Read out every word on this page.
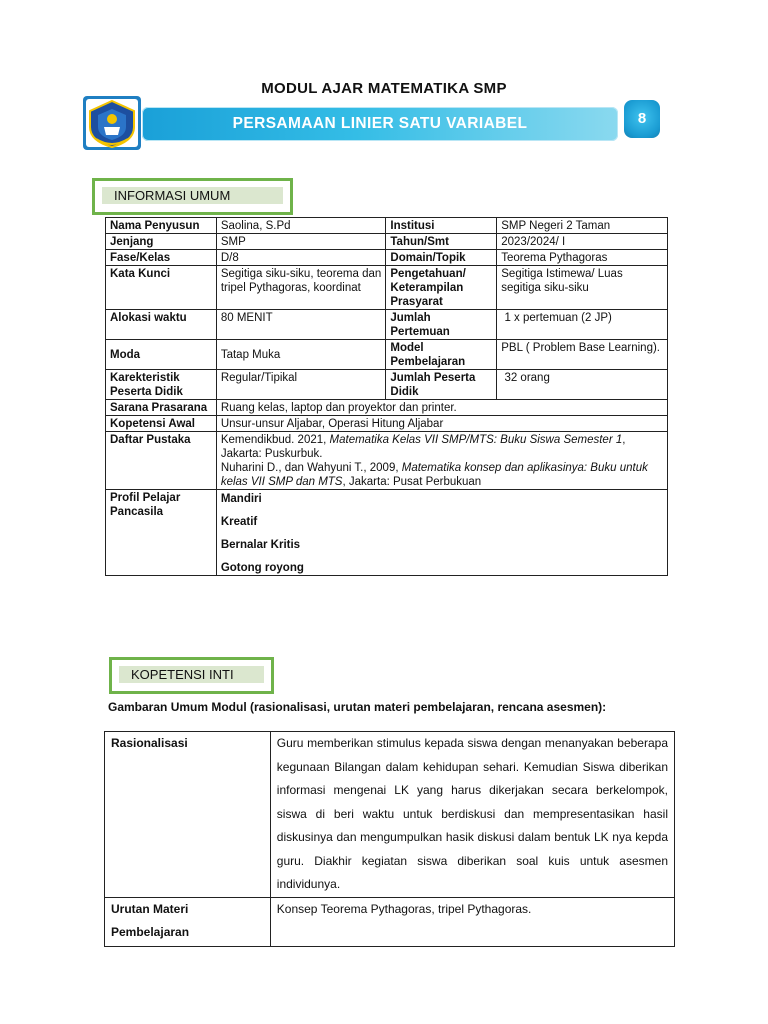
MODUL AJAR MATEMATIKA SMP
PERSAMAAN LINIER SATU VARIABEL	8
INFORMASI UMUM
Nama Penyusun	Saolina, S.Pd	Institusi	SMP Negeri 2 Taman
Jenjang	SMP	Tahun/Smt	2023/2024/ I
Fase/Kelas	D/8	Domain/Topik	Teorema Pythagoras
Kata Kunci	Segitiga siku-siku, teorema dan tripel Pythagoras, koordinat	Pengetahuan/ Keterampilan Prasyarat	Segitiga Istimewa/ Luas segitiga siku-siku
Alokasi waktu	80 MENIT	Jumlah Pertemuan	1 x pertemuan (2 JP)
Moda	Tatap Muka	Model Pembelajaran	PBL ( Problem Base Learning).
Karekteristik Peserta Didik	Regular/Tipikal	Jumlah Peserta Didik	32 orang
Sarana Prasarana	Ruang kelas, laptop dan proyektor dan printer.		
Kopetensi Awal	Unsur-unsur Aljabar, Operasi Hitung Aljabar		
Daftar Pustaka	Kemendikbud. 2021, Matematika Kelas VII SMP/MTS: Buku Siswa Semester 1, Jakarta: Puskurbuk.
Nuharini D., dan Wahyuni T., 2009, Matematika konsep dan aplikasinya: Buku untuk kelas VII SMP dan MTS, Jakarta: Pusat Perbukuan		
Profil Pelajar Pancasila	Mandiri
Kreatif
Bernalar Kritis
Gotong royong		
KOPETENSI INTI
Gambaran Umum Modul (rasionalisasi, urutan materi pembelajaran, rencana asesmen):
Rasionalisasi	Guru memberikan stimulus kepada siswa dengan menanyakan beberapa kegunaan Bilangan dalam kehidupan sehari. Kemudian Siswa diberikan informasi mengenai LK yang harus dikerjakan secara berkelompok, siswa di beri waktu untuk berdiskusi dan mempresentasikan hasil diskusinya dan mengumpulkan hasik diskusi dalam bentuk LK nya kepda guru. Diakhir kegiatan siswa diberikan soal kuis untuk asesmen individunya.
Urutan Materi Pembelajaran	Konsep Teorema Pythagoras, tripel Pythagoras.
